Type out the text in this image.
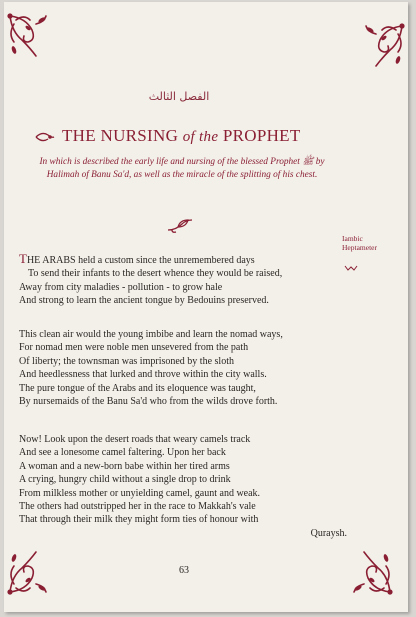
الفصل الثالث
THE NURSING of the PROPHET
In which is described the early life and nursing of the blessed Prophet ﷺ by Halimah of Banu Sa'd, as well as the miracle of the splitting of his chest.
Iambic
Heptameter
THE ARABS held a custom since the unremembered days
To send their infants to the desert whence they would be raised,
Away from city maladies - pollution - to grow hale
And strong to learn the ancient tongue by Bedouins preserved.
This clean air would the young imbibe and learn the nomad ways,
For nomad men were noble men unsevered from the path
Of liberty; the townsman was imprisoned by the sloth
And heedlessness that lurked and throve within the city walls.
The pure tongue of the Arabs and its eloquence was taught,
By nursemaids of the Banu Sa'd who from the wilds drove forth.
Now! Look upon the desert roads that weary camels track
And see a lonesome camel faltering. Upon her back
A woman and a new-born babe within her tired arms
A crying, hungry child without a single drop to drink
From milkless mother or unyielding camel, gaunt and weak.
The others had outstripped her in the race to Makkah's vale
That through their milk they might form ties of honour with
Quraysh.
63
